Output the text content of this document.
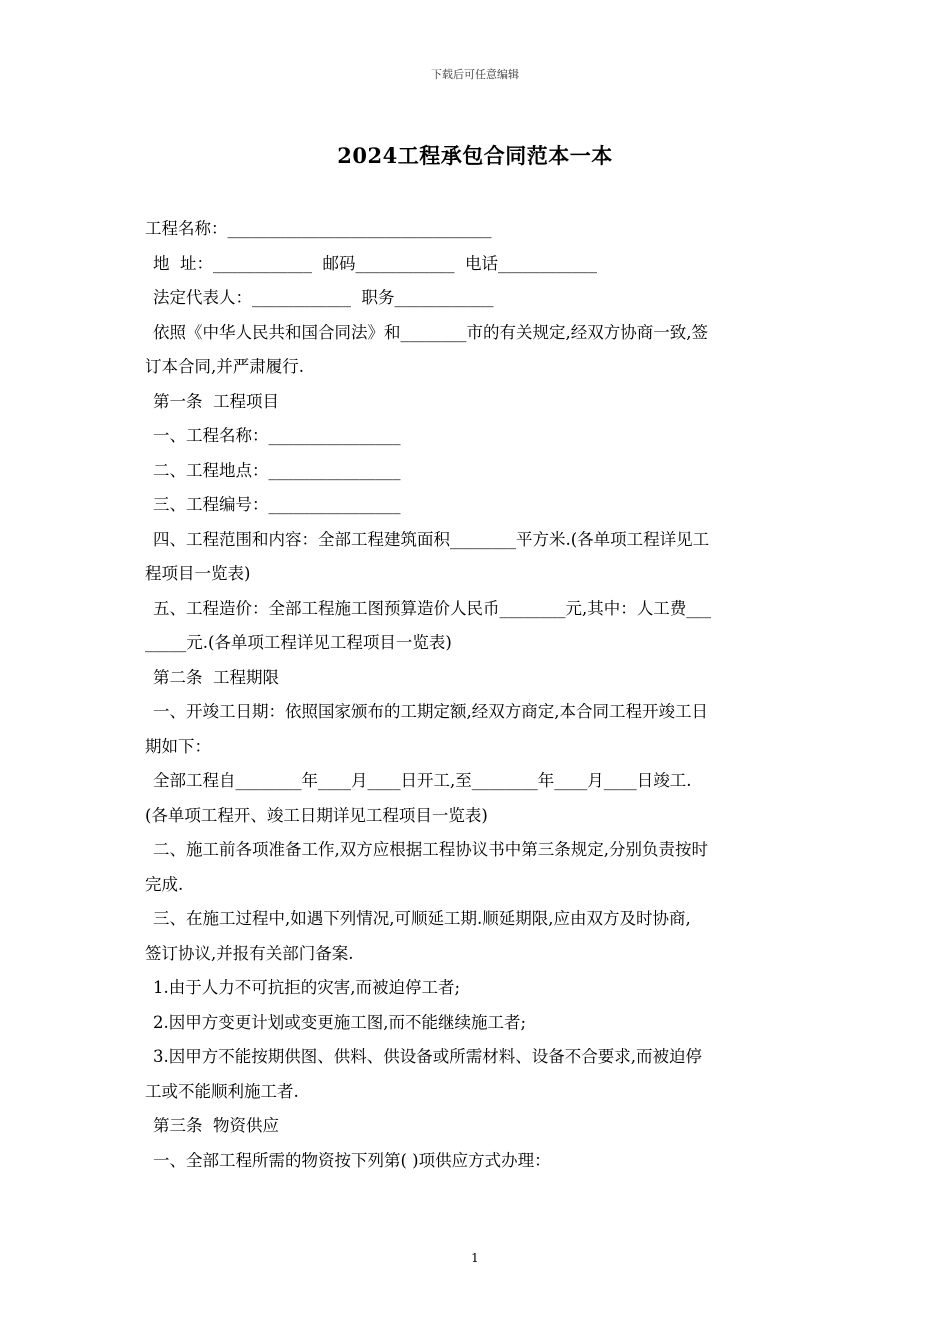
下载后可任意编辑
2024工程承包合同范本一本
工程名称：________________________________
地  址：____________  邮码____________  电话____________
法定代表人：____________  职务____________
依照《中华人民共和国合同法》和________市的有关规定,经双方协商一致,签
订本合同,并严肃履行.
第一条  工程项目
一、工程名称：________________
二、工程地点：________________
三、工程编号：________________
四、工程范围和内容：全部工程建筑面积________平方米.(各单项工程详见工
程项目一览表)
五、工程造价：全部工程施工图预算造价人民币________元,其中：人工费___
_____元.(各单项工程详见工程项目一览表)
第二条  工程期限
一、开竣工日期：依照国家颁布的工期定额,经双方商定,本合同工程开竣工日
期如下：
全部工程自________年____月____日开工,至________年____月____日竣工.
(各单项工程开、竣工日期详见工程项目一览表)
二、施工前各项准备工作,双方应根据工程协议书中第三条规定,分别负责按时
完成.
三、在施工过程中,如遇下列情况,可顺延工期.顺延期限,应由双方及时协商,
签订协议,并报有关部门备案.
1.由于人力不可抗拒的灾害,而被迫停工者;
2.因甲方变更计划或变更施工图,而不能继续施工者;
3.因甲方不能按期供图、供料、供设备或所需材料、设备不合要求,而被迫停
工或不能顺利施工者.
第三条  物资供应
一、全部工程所需的物资按下列第( )项供应方式办理：
1
